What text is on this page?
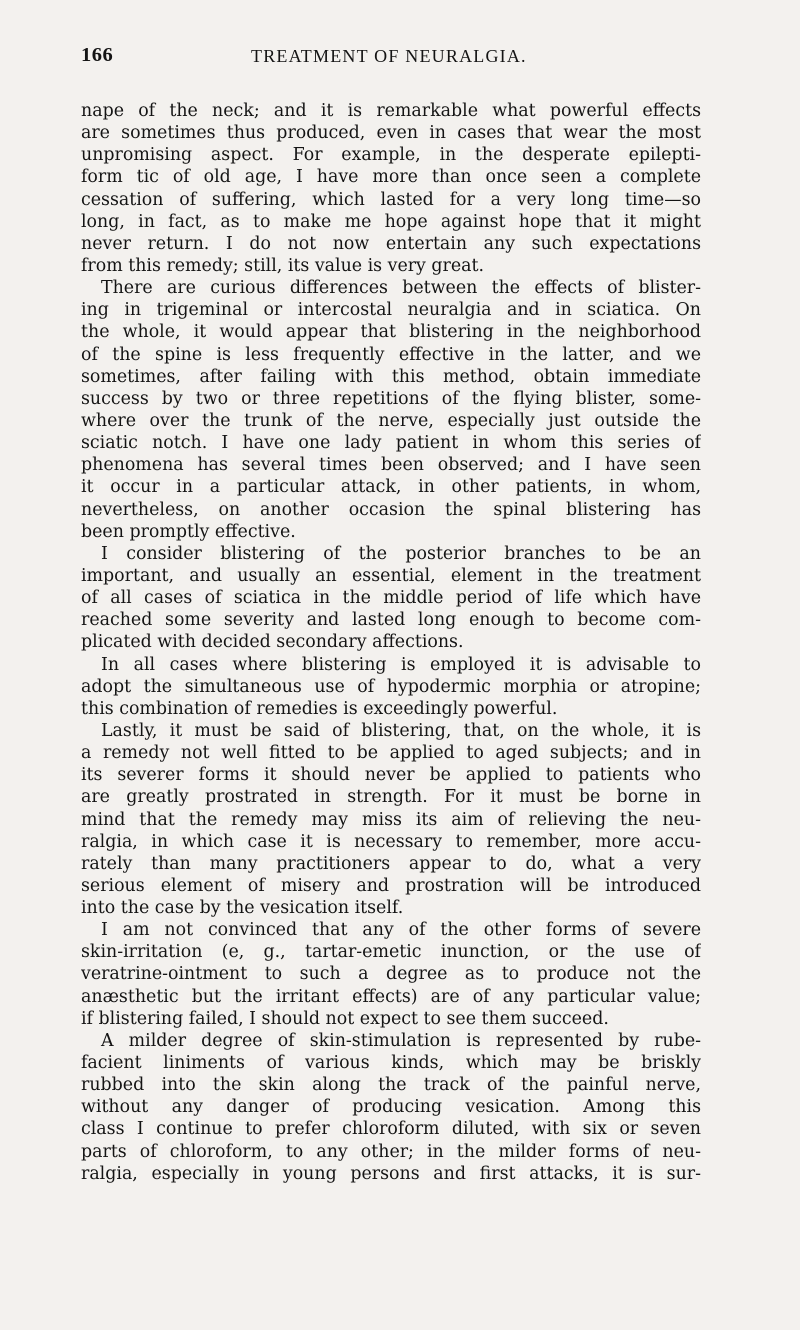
166	TREATMENT OF NEURALGIA.
nape of the neck; and it is remarkable what powerful effects
are sometimes thus produced, even in cases that wear the most
unpromising aspect. For example, in the desperate epilepti-
form tic of old age, I have more than once seen a complete
cessation of suffering, which lasted for a very long time—so
long, in fact, as to make me hope against hope that it might
never return. I do not now entertain any such expectations
from this remedy; still, its value is very great.
There are curious differences between the effects of blister-
ing in trigeminal or intercostal neuralgia and in sciatica. On
the whole, it would appear that blistering in the neighborhood
of the spine is less frequently effective in the latter, and we
sometimes, after failing with this method, obtain immediate
success by two or three repetitions of the flying blister, some-
where over the trunk of the nerve, especially just outside the
sciatic notch. I have one lady patient in whom this series of
phenomena has several times been observed; and I have seen
it occur in a particular attack, in other patients, in whom,
nevertheless, on another occasion the spinal blistering has
been promptly effective.
I consider blistering of the posterior branches to be an
important, and usually an essential, element in the treatment
of all cases of sciatica in the middle period of life which have
reached some severity and lasted long enough to become com-
plicated with decided secondary affections.
In all cases where blistering is employed it is advisable to
adopt the simultaneous use of hypodermic morphia or atropine;
this combination of remedies is exceedingly powerful.
Lastly, it must be said of blistering, that, on the whole, it is
a remedy not well fitted to be applied to aged subjects; and in
its severer forms it should never be applied to patients who
are greatly prostrated in strength. For it must be borne in
mind that the remedy may miss its aim of relieving the neu-
ralgia, in which case it is necessary to remember, more accu-
rately than many practitioners appear to do, what a very
serious element of misery and prostration will be introduced
into the case by the vesication itself.
I am not convinced that any of the other forms of severe
skin-irritation (e, g., tartar-emetic inunction, or the use of
veratrine-ointment to such a degree as to produce not the
anæsthetic but the irritant effects) are of any particular value;
if blistering failed, I should not expect to see them succeed.
A milder degree of skin-stimulation is represented by rube-
facient liniments of various kinds, which may be briskly
rubbed into the skin along the track of the painful nerve,
without any danger of producing vesication. Among this
class I continue to prefer chloroform diluted, with six or seven
parts of chloroform, to any other; in the milder forms of neu-
ralgia, especially in young persons and first attacks, it is sur-
